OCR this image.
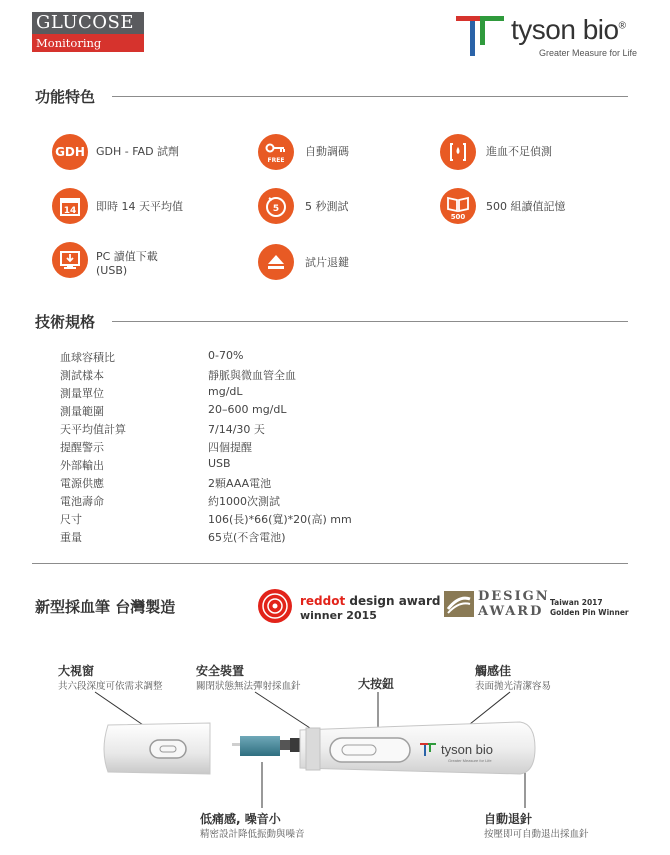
GLUCOSE
Monitoring System
tyson bio®
Greater Measure for Life
功能特色
GDH GDH - FAD 試劑
FREE
自動調碼	進血不足偵測
14 即時 14 天平均值	5 5 秒測試
500
500 組讀值記憶
PC 讀值下載
(USB)
試片退鍵
技術規格
血球容積比	0-70%
測試樣本	靜脈與微血管全血
測量單位	mg/dL
測量範圍	20–600 mg/dL
天平均值計算	7/14/30 天
提醒警示	四個提醒
外部輸出	USB
電源供應	2顆AAA電池
電池壽命	約1000次測試
尺寸	106(長)*66(寬)*20(高) mm
重量	65克(不含電池)
新型採血筆 台灣製造	reddot design award
winner 2015
DESIGN
AWARD
Taiwan 2017
Golden Pin Winner
大視窗
共六段深度可依需求調整
安全裝置
關閉狀態無法彈射採血針	大按鈕
觸感佳
表面拋光清潔容易
低痛感, 噪音小
精密設計降低振動與噪音
自動退針
按壓即可自動退出採血針
tyson bio
Greater Measure for Life
